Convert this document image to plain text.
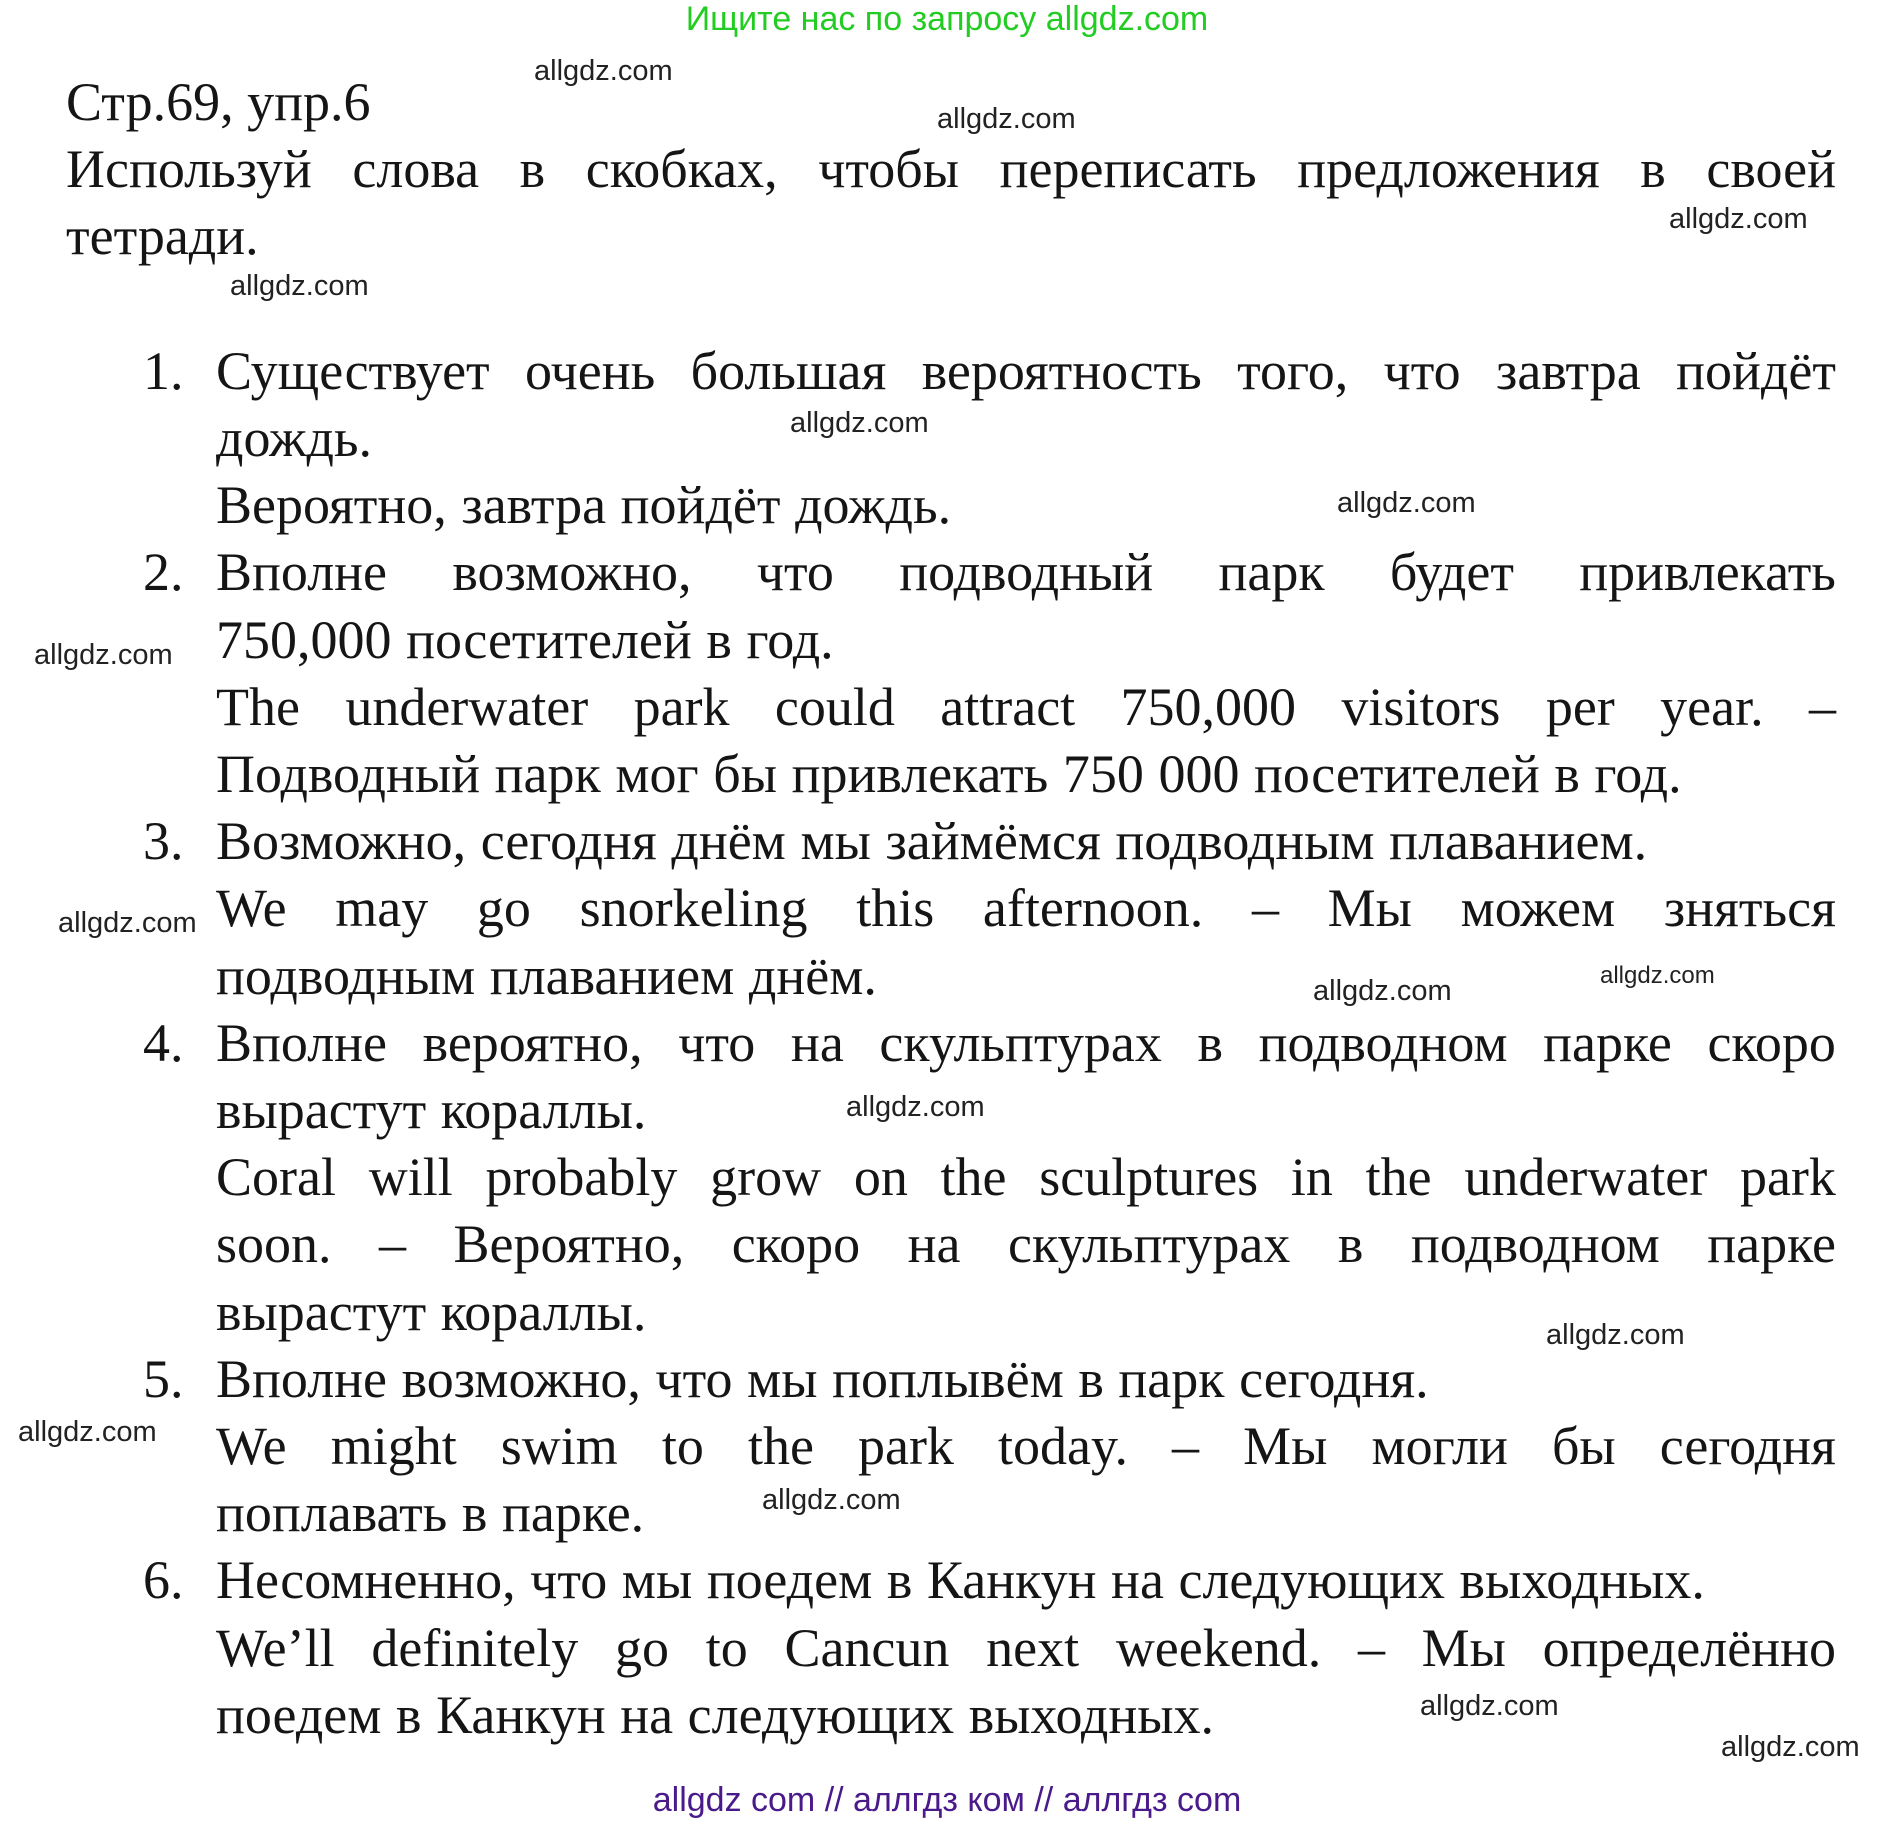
Ищите нас по запросу allgdz.com
Стр.69, упр.6
Используй слова в скобках, чтобы переписать предложения в своей
тетради.
1. Существует очень большая вероятность того, что завтра пойдёт
дождь.
Вероятно, завтра пойдёт дождь.
2. Вполне возможно, что подводный парк будет привлекать
750,000 посетителей в год.
The underwater park could attract 750,000 visitors per year. –
Подводный парк мог бы привлекать 750 000 посетителей в год.
3. Возможно, сегодня днём мы займёмся подводным плаванием.
We may go snorkeling this afternoon. – Мы можем зняться
подводным плаванием днём.
4. Вполне вероятно, что на скульптурах в подводном парке скоро
вырастут кораллы.
Coral will probably grow on the sculptures in the underwater park
soon. – Вероятно, скоро на скульптурах в подводном парке
вырастут кораллы.
5. Вполне возможно, что мы поплывём в парк сегодня.
We might swim to the park today. – Мы могли бы сегодня
поплавать в парке.
6. Несомненно, что мы поедем в Канкун на следующих выходных.
We’ll definitely go to Cancun next weekend. – Мы определённо
поедем в Канкун на следующих выходных.
allgdz.com
allgdz.com
allgdz.com
allgdz.com
allgdz.com
allgdz.com
allgdz.com
allgdz.com
allgdz.com
allgdz.com
allgdz.com
allgdz.com
allgdz.com
allgdz.com
allgdz.com
allgdz.com
allgdz com // аллгдз ком // аллгдз com
